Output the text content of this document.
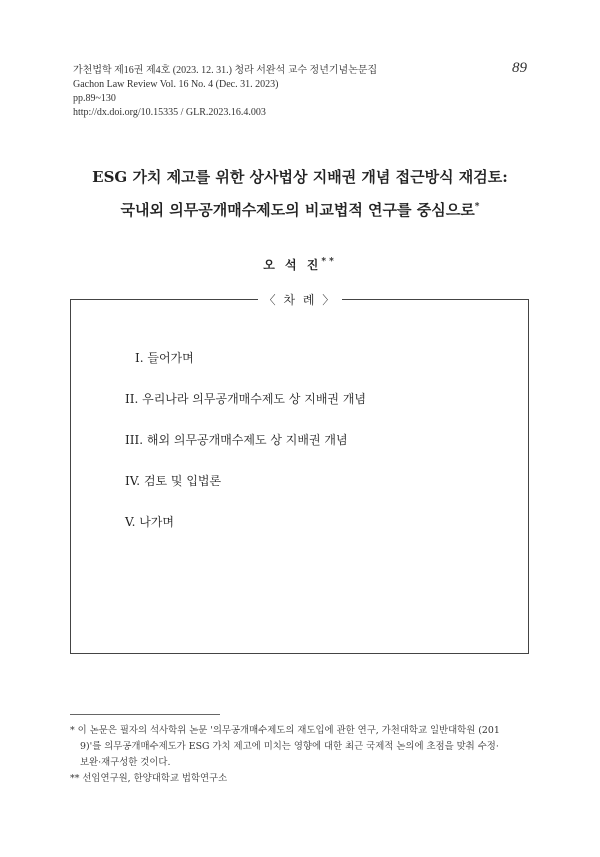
가천법학 제16권 제4호 (2023. 12. 31.) 청라 서완석 교수 정년기념논문집
Gachon Law Review Vol. 16 No. 4 (Dec. 31. 2023)
pp.89~130
http://dx.doi.org/10.15335 / GLR.2023.16.4.003
89
ESG 가치 제고를 위한 상사법상 지배권 개념 접근방식 재검토:
국내외 의무공개매수제도의 비교법적 연구를 중심으로*
오 석 진**
〈 차 례 〉
Ⅰ. 들어가며
II. 우리나라 의무공개매수제도 상 지배권 개념
III. 해외 의무공개매수제도 상 지배권 개념
IV. 검토 및 입법론
V. 나가며
* 이 논문은 필자의 석사학위 논문 '의무공개매수제도의 재도입에 관한 연구, 가천대학교 일반대학원 (201
9)'를 의무공개매수제도가 ESG 가치 제고에 미치는 영향에 대한 최근 국제적 논의에 초점을 맞춰 수정·
보완·재구성한 것이다.
** 선임연구원, 한양대학교 법학연구소
